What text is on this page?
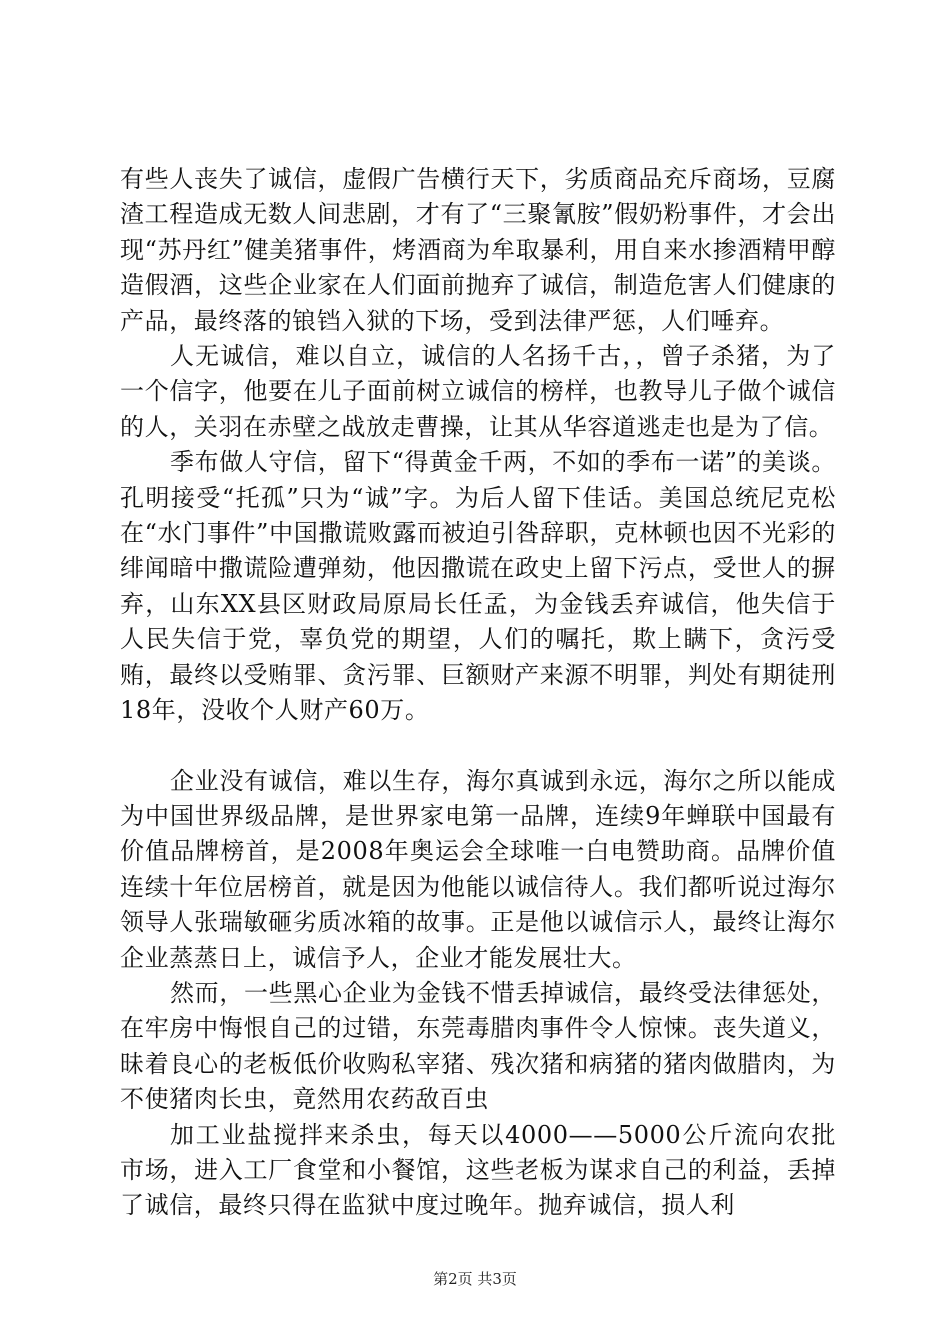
有些人丧失了诚信，虚假广告横行天下，劣质商品充斥商场，豆腐渣工程造成无数人间悲剧，才有了“三聚氰胺”假奶粉事件，才会出现“苏丹红”健美猪事件，烤酒商为牟取暴利，用自来水掺酒精甲醇造假酒，这些企业家在人们面前抛弃了诚信，制造危害人们健康的产品，最终落的锒铛入狱的下场，受到法律严惩，人们唾弃。

人无诚信，难以自立，诚信的人名扬千古，，曾子杀猪，为了一个信字，他要在儿子面前树立诚信的榜样，也教导儿子做个诚信的人，关羽在赤壁之战放走曹操，让其从华容道逃走也是为了信。

季布做人守信，留下“得黄金千两，不如的季布一诺”的美谈。孔明接受“托孤”只为“诚”字。为后人留下佳话。美国总统尼克松在“水门事件”中国撒谎败露而被迫引咎辞职，克林顿也因不光彩的绯闻暗中撒谎险遭弹劾，他因撒谎在政史上留下污点，受世人的摒弃，山东XX县区财政局原局长任孟，为金钱丢弃诚信，他失信于人民失信于党，辜负党的期望，人们的嘱托，欺上瞒下，贪污受贿，最终以受贿罪、贪污罪、巨额财产来源不明罪，判处有期徒刑18年，没收个人财产60万。

企业没有诚信，难以生存，海尔真诚到永远，海尔之所以能成为中国世界级品牌，是世界家电第一品牌，连续9年蝉联中国最有价值品牌榜首，是2008年奥运会全球唯一白电赞助商。品牌价值连续十年位居榜首，就是因为他能以诚信待人。我们都听说过海尔领导人张瑞敏砸劣质冰箱的故事。正是他以诚信示人，最终让海尔企业蒸蒸日上，诚信予人，企业才能发展壮大。

然而，一些黑心企业为金钱不惜丢掉诚信，最终受法律惩处，在牢房中悔恨自己的过错，东莞毒腊肉事件令人惊悚。丧失道义，昧着良心的老板低价收购私宰猪、残次猪和病猪的猪肉做腊肉，为不使猪肉长虫，竟然用农药敌百虫

加工业盐搅拌来杀虫，每天以4000——5000公斤流向农批市场，进入工厂食堂和小餐馆，这些老板为谋求自己的利益，丢掉了诚信，最终只得在监狱中度过晚年。抛弃诚信，损人利

第2页 共3页
